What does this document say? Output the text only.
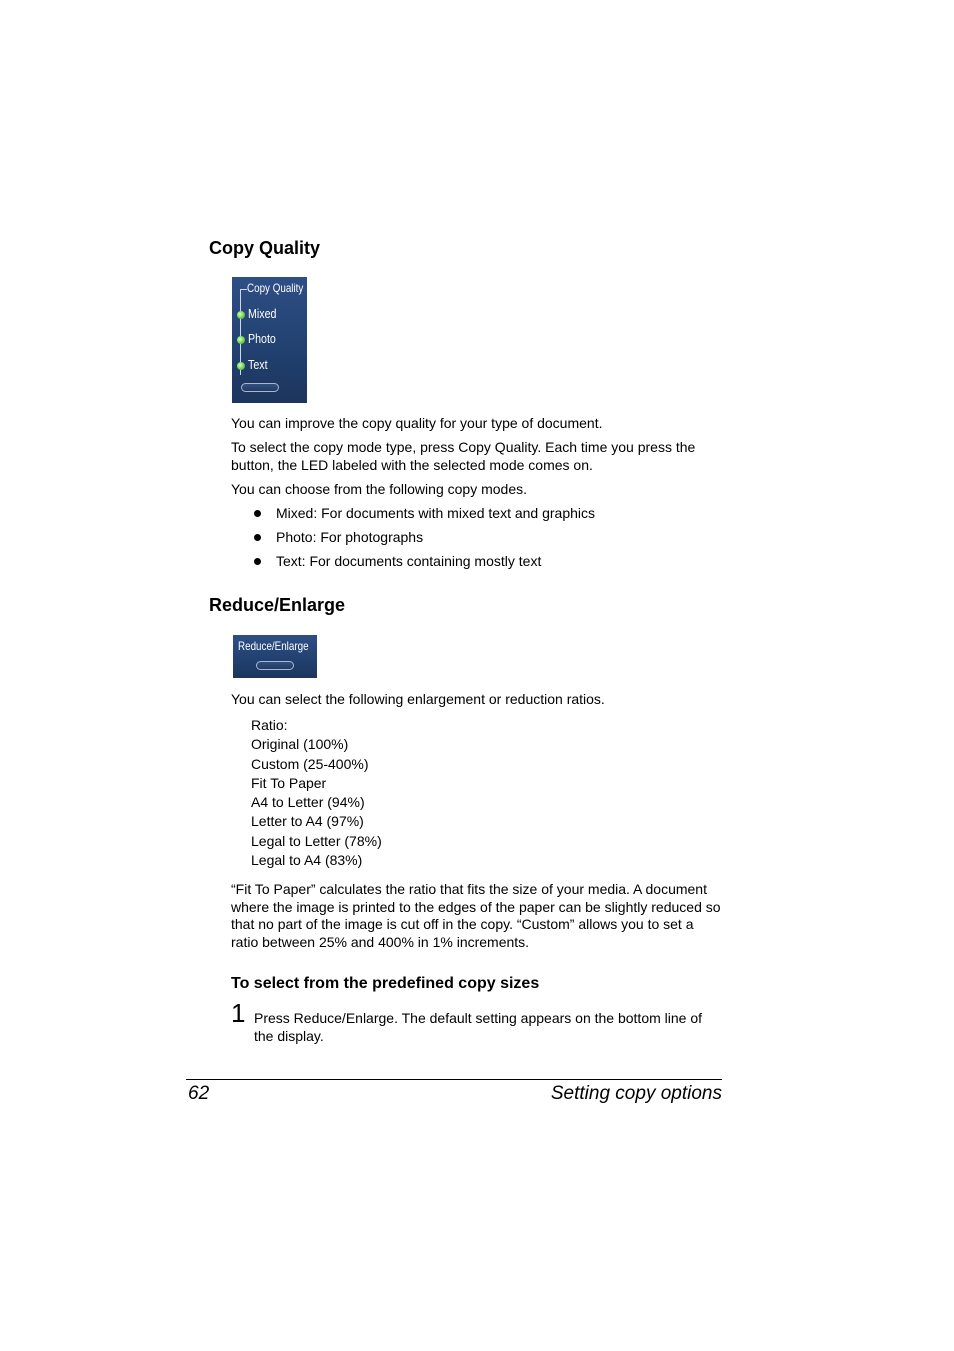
Copy Quality
Copy Quality
Mixed
Photo
Text

You can improve the copy quality for your type of document.

To select the copy mode type, press Copy Quality. Each time you press the button, the LED labeled with the selected mode comes on.

You can choose from the following copy modes.

Mixed: For documents with mixed text and graphics
Photo: For photographs
Text: For documents containing mostly text
Reduce/Enlarge
Reduce/Enlarge

You can select the following enlargement or reduction ratios.

Ratio:
Original (100%)
Custom (25-400%)
Fit To Paper
A4 to Letter (94%)
Letter to A4 (97%)
Legal to Letter (78%)
Legal to A4 (83%)

“Fit To Paper” calculates the ratio that fits the size of your media. A document where the image is printed to the edges of the paper can be slightly reduced so that no part of the image is cut off in the copy. “Custom” allows you to set a ratio between 25% and 400% in 1% increments.

To select from the predefined copy sizes
1 Press Reduce/Enlarge. The default setting appears on the bottom line of the display.

62	Setting copy options
